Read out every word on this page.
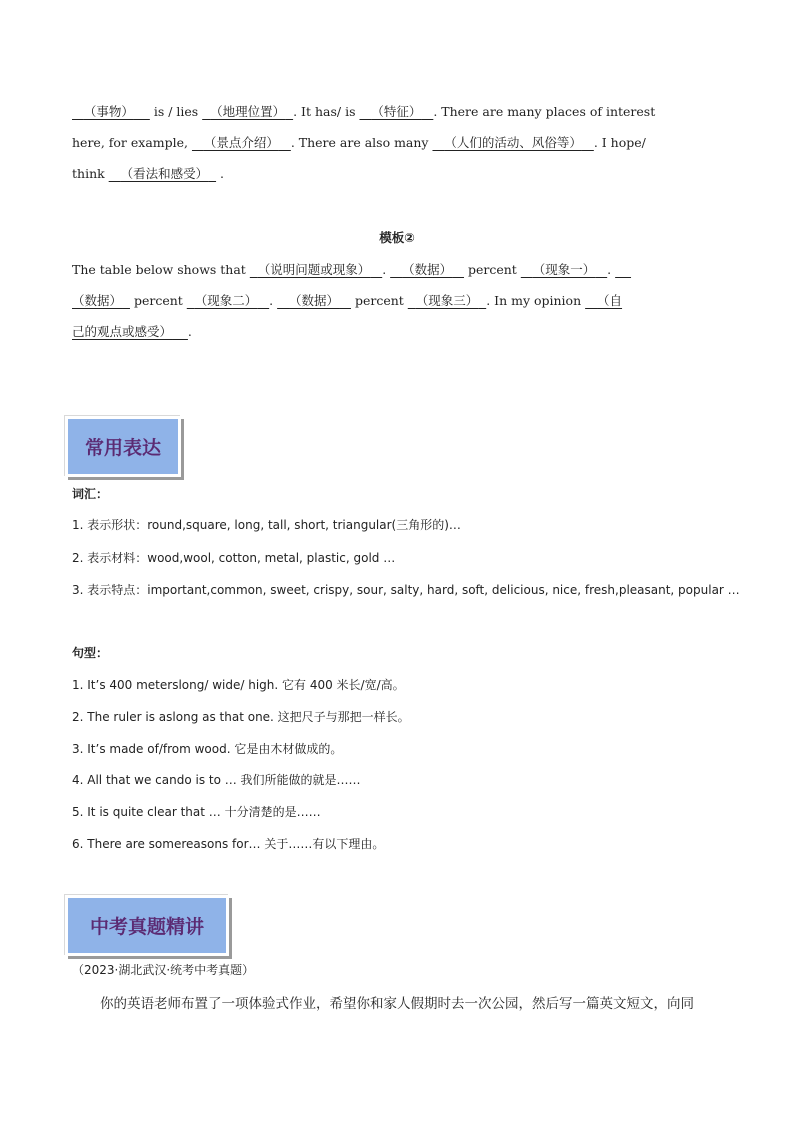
（事物）     is / lies   （地理位置） . It has/ is    （特征） . There are many places of interest
here, for example,    （景点介绍） . There are also many    （人们的活动、风俗等） . I hope/
think    （看法和感受）   .
模板②
The table below shows that   （说明问题或现象） .    （数据）    percent    （现象一） .
（数据）   percent   （现象二） .    （数据）    percent   （现象三） . In my opinion    （自
己的观点或感受） .
常用表达
词汇：
1. 表示形状：round,square, long, tall, short, triangular(三角形的)…
2. 表示材料：wood,wool, cotton, metal, plastic, gold …
3. 表示特点：important,common, sweet, crispy, sour, salty, hard, soft, delicious, nice, fresh,pleasant, popular …
句型：
1. It’s 400 meterslong/ wide/ high. 它有 400 米长/宽/高。
2. The ruler is aslong as that one. 这把尺子与那把一样长。
3. It’s made of/from wood. 它是由木材做成的。
4. All that we cando is to … 我们所能做的就是……
5. It is quite clear that … 十分清楚的是……
6. There are somereasons for… 关于……有以下理由。
中考真题精讲
（2023·湖北武汉·统考中考真题）
你的英语老师布置了一项体验式作业，希望你和家人假期时去一次公园，然后写一篇英文短文，向同
